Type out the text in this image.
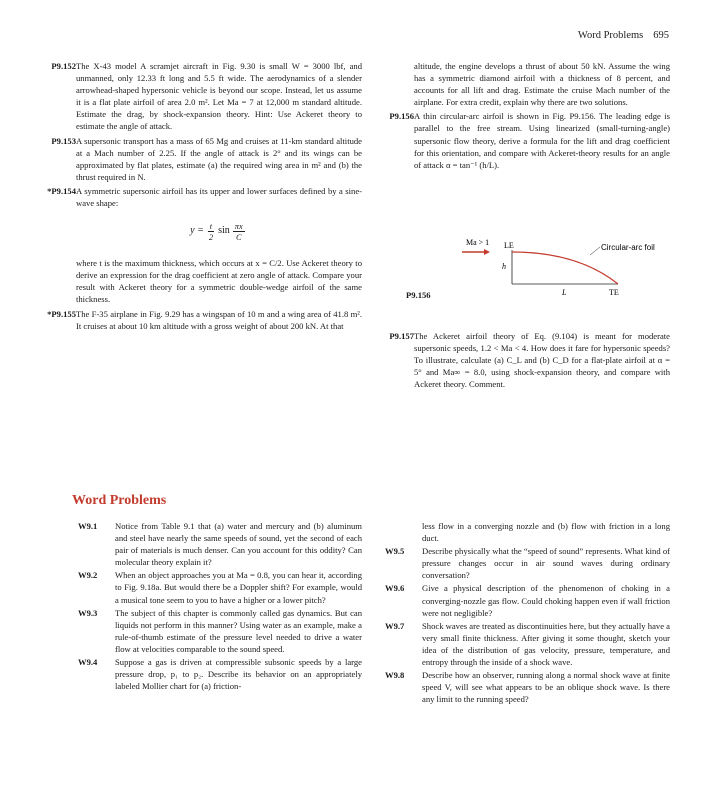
Word Problems 695
P9.152 The X-43 model A scramjet aircraft in Fig. 9.30 is small W = 3000 lbf, and unmanned, only 12.33 ft long and 5.5 ft wide. The aerodynamics of a slender arrowhead-shaped hypersonic vehicle is beyond our scope. Instead, let us assume it is a flat plate airfoil of area 2.0 m². Let Ma = 7 at 12,000 m standard altitude. Estimate the drag, by shock-expansion theory. Hint: Use Ackeret theory to estimate the angle of attack.

P9.153 A supersonic transport has a mass of 65 Mg and cruises at 11-km standard altitude at a Mach number of 2.25. If the angle of attack is 2° and its wings can be approximated by flat plates, estimate (a) the required wing area in m² and (b) the thrust required in N.

*P9.154 A symmetric supersonic airfoil has its upper and lower surfaces defined by a sine-wave shape:

$y = \frac{t}{2}$ $\sin \frac{\pi x}{C}$

where t is the maximum thickness, which occurs at x = C/2. Use Ackeret theory to derive an expression for the drag coefficient at zero angle of attack. Compare your result with Ackeret theory for a symmetric double-wedge airfoil of the same thickness.

*P9.155 The F-35 airplane in Fig. 9.29 has a wingspan of 10 m and a wing area of 41.8 m². It cruises at about 10 km altitude with a gross weight of about 200 kN. At that

altitude, the engine develops a thrust of about 50 kN. Assume the wing has a symmetric diamond airfoil with a thickness of 8 percent, and accounts for all lift and drag. Estimate the cruise Mach number of the airplane. For extra credit, explain why there are two solutions.

P9.156 A thin circular-arc airfoil is shown in Fig. P9.156. The leading edge is parallel to the free stream. Using linearized (small-turning-angle) supersonic flow theory, derive a formula for the lift and drag coefficient for this orientation, and compare with Ackeret-theory results for an angle of attack α = tan⁻¹ (h/L).

Ma > 1 LE
h
Circular-arc foil
L	TE
P9.156
P9.157 The Ackeret airfoil theory of Eq. (9.104) is meant for moderate supersonic speeds, 1.2 < Ma < 4. How does it fare for hypersonic speeds? To illustrate, calculate (a) C_L and (b) C_D for a flat-plate airfoil at α = 5° and Ma∞ = 8.0, using shock-expansion theory, and compare with Ackeret theory. Comment.

Word Problems
W9.1	Notice from Table 9.1 that (a) water and mercury and (b) aluminum and steel have nearly the same speeds of sound, yet the second of each pair of materials is much denser. Can you account for this oddity? Can molecular theory explain it?

W9.2	When an object approaches you at Ma = 0.8, you can hear it, according to Fig. 9.18a. But would there be a Doppler shift? For example, would a musical tone seem to you to have a higher or a lower pitch?

W9.3	The subject of this chapter is commonly called gas dynamics. But can liquids not perform in this manner? Using water as an example, make a rule-of-thumb estimate of the pressure level needed to drive a water flow at velocities comparable to the sound speed.

W9.4	Suppose a gas is driven at compressible subsonic speeds by a large pressure drop, p₁ to p₂. Describe its behavior on an appropriately labeled Mollier chart for (a) friction-

less flow in a converging nozzle and (b) flow with friction in a long duct.

W9.5	Describe physically what the “speed of sound” represents. What kind of pressure changes occur in air sound waves during ordinary conversation?

W9.6	Give a physical description of the phenomenon of choking in a converging-nozzle gas flow. Could choking happen even if wall friction were not negligible?

W9.7	Shock waves are treated as discontinuities here, but they actually have a very small finite thickness. After giving it some thought, sketch your idea of the distribution of gas velocity, pressure, temperature, and entropy through the inside of a shock wave.

W9.8	Describe how an observer, running along a normal shock wave at finite speed V, will see what appears to be an oblique shock wave. Is there any limit to the running speed?
